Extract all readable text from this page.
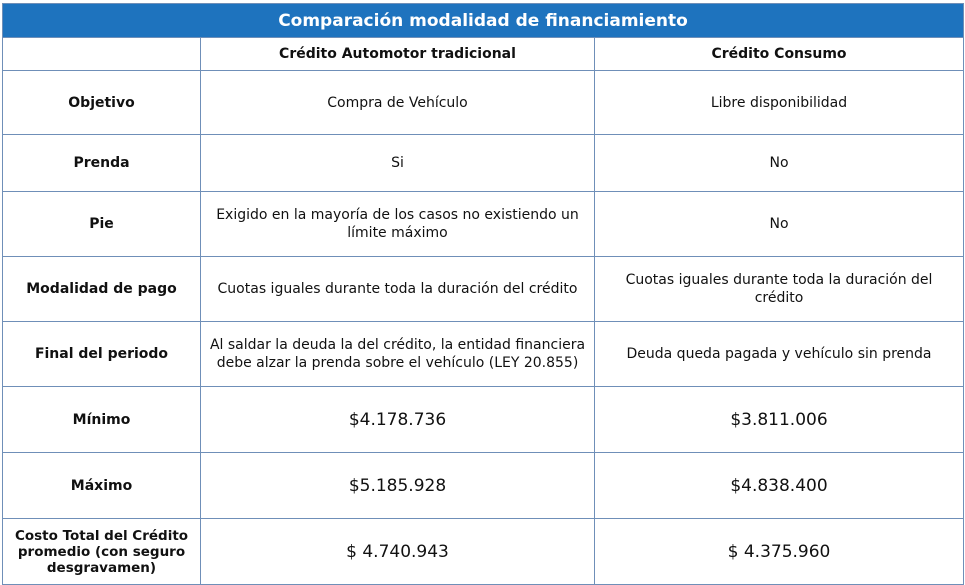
Comparación modalidad de financiamiento		
	Crédito Automotor tradicional	Crédito Consumo
Objetivo	Compra de Vehículo	Libre disponibilidad
Prenda	Si	No
Pie	Exigido en la mayoría de los casos no existiendo un límite máximo	No
Modalidad de pago	Cuotas iguales durante toda la duración del crédito	Cuotas iguales durante toda la duración del crédito
Final del periodo	Al saldar la deuda la del crédito, la entidad financiera debe alzar la prenda sobre el vehículo (LEY 20.855)	Deuda queda pagada y vehículo sin prenda
Mínimo	$4.178.736	$3.811.006
Máximo	$5.185.928	$4.838.400
Costo Total del Crédito promedio (con seguro desgravamen)	$ 4.740.943	$ 4.375.960
